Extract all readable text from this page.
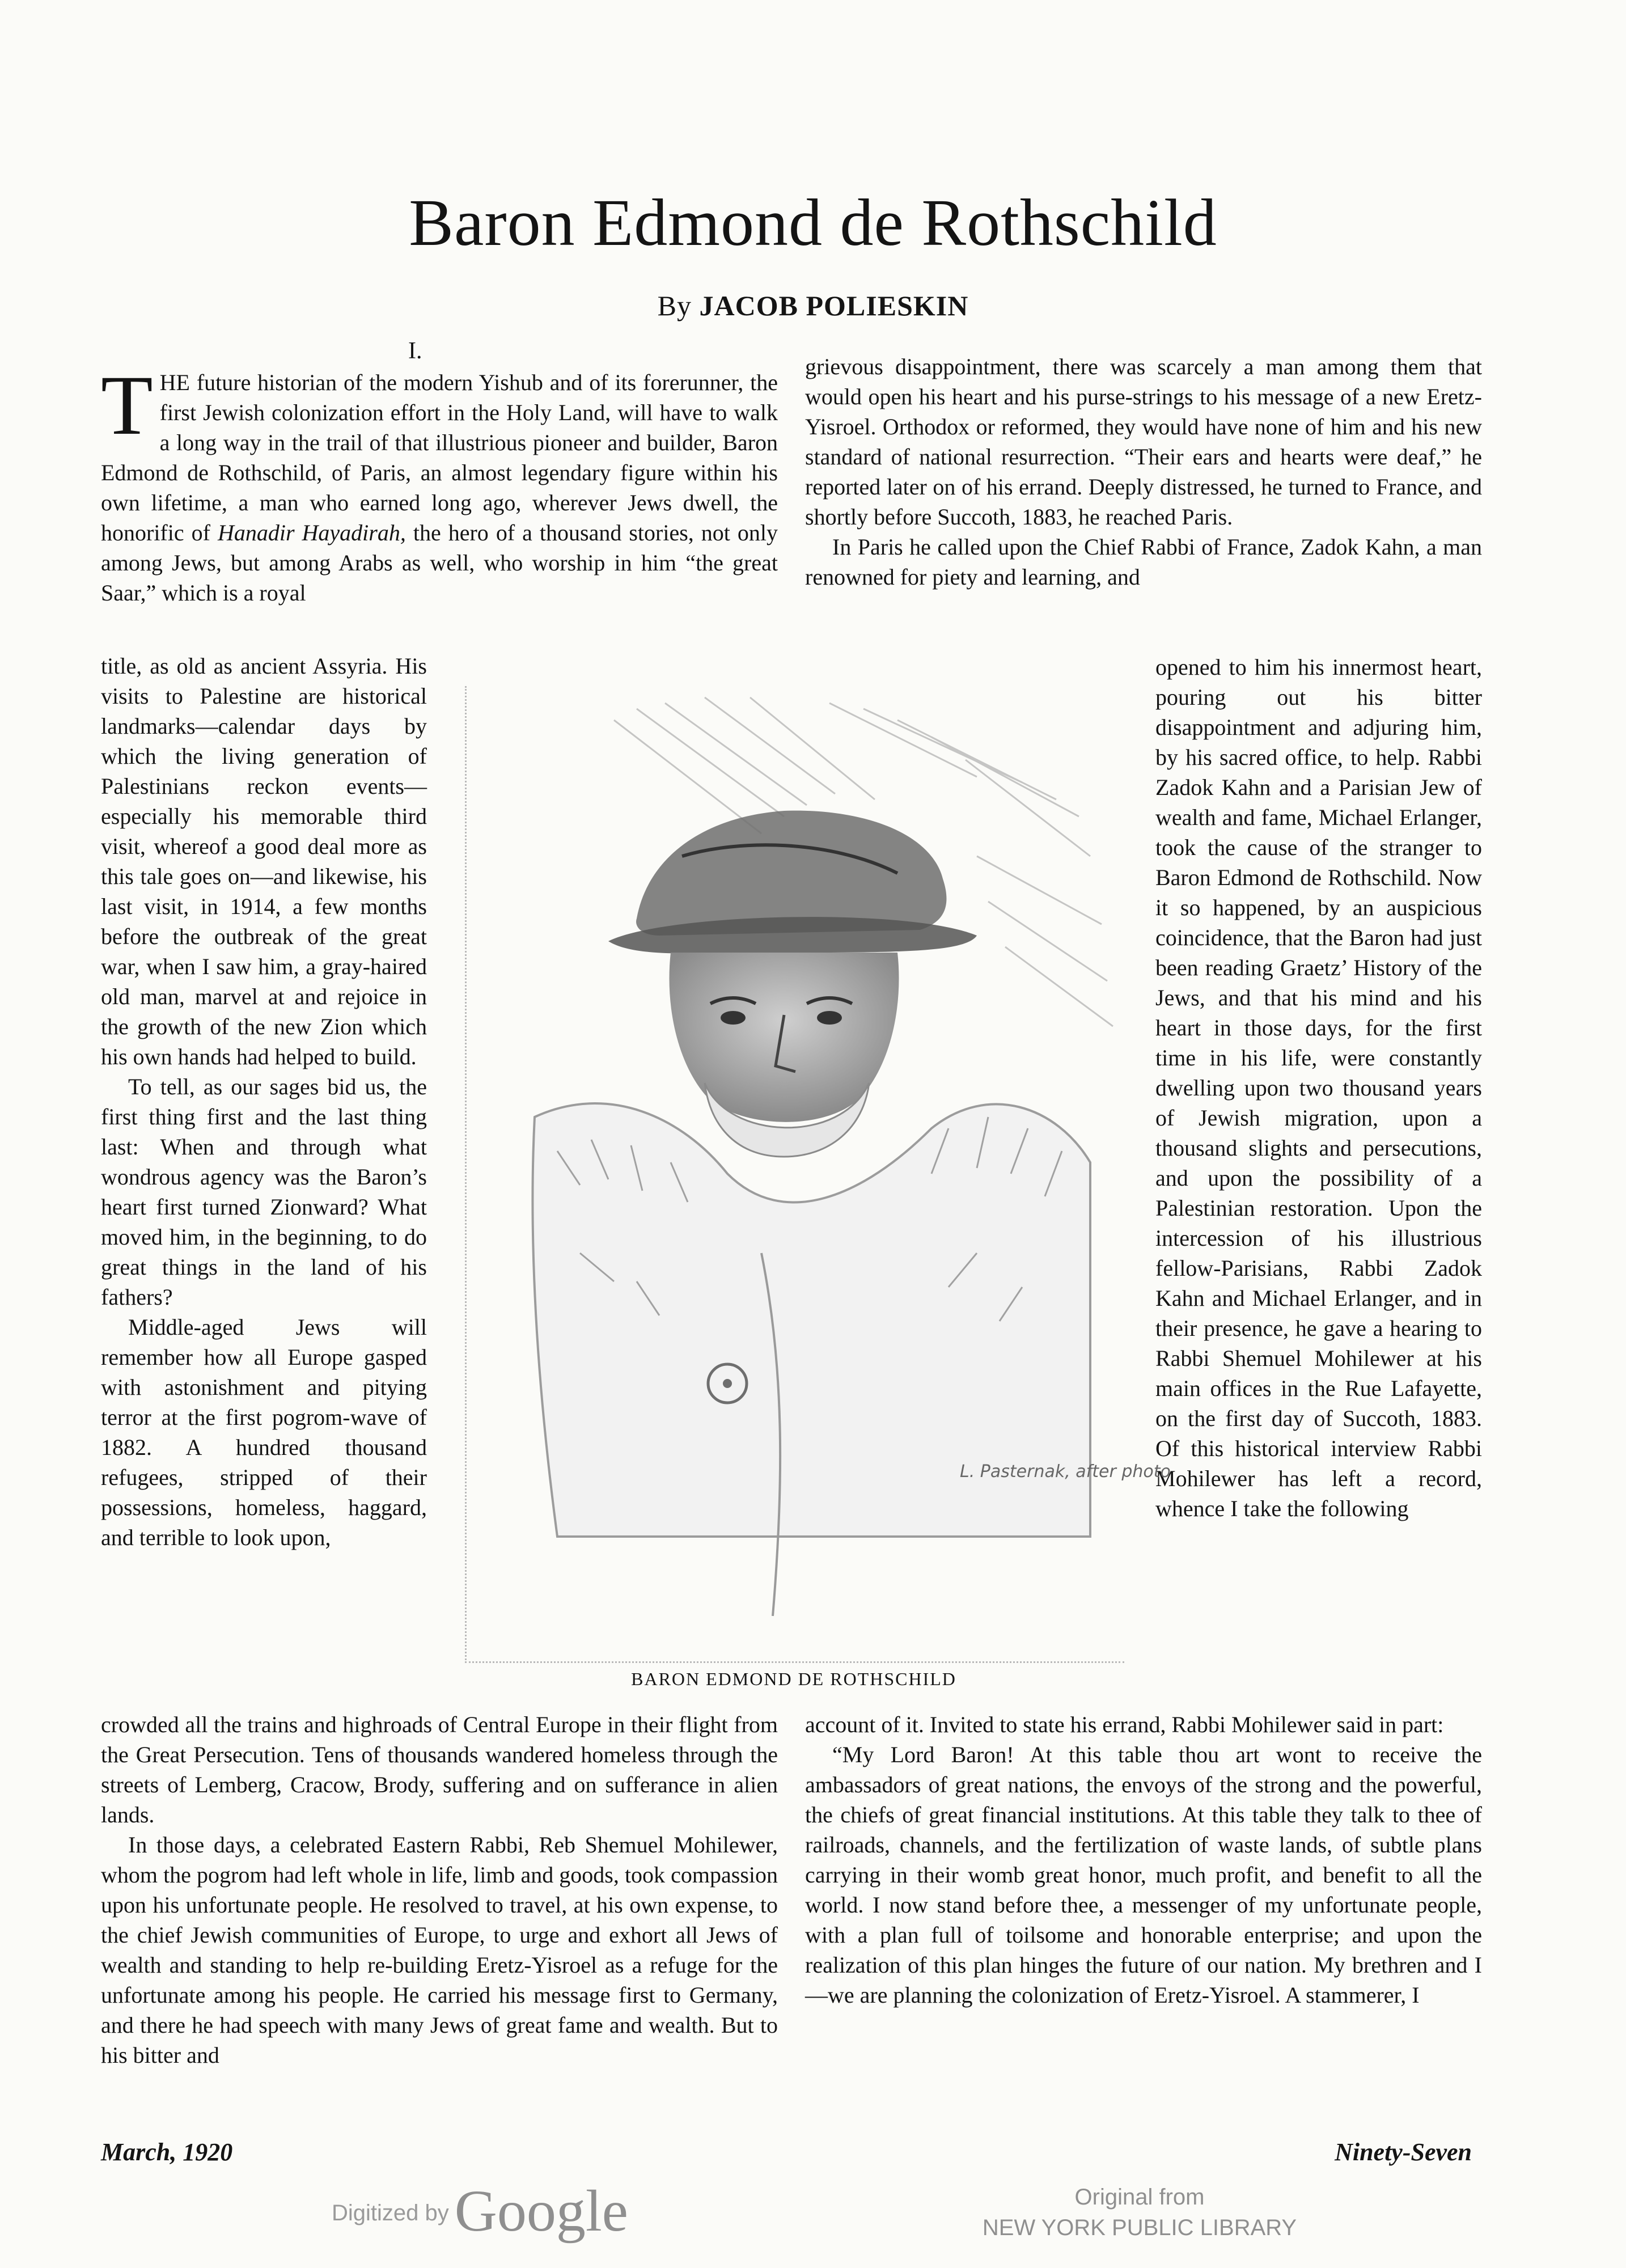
Baron Edmond de Rothschild
By JACOB POLIESKIN
I.

THE future historian of the modern Yishub and of its forerunner, the first Jewish colonization effort in the Holy Land, will have to walk a long way in the trail of that illustrious pioneer and builder, Baron Edmond de Rothschild, of Paris, an almost legendary figure within his own lifetime, a man who earned long ago, wherever Jews dwell, the honorific of Hanadir Hayadirah, the hero of a thousand stories, not only among Jews, but among Arabs as well, who worship in him “the great Saar,” which is a royal

title, as old as ancient Assyria. His visits to Palestine are historical landmarks—calendar days by which the living generation of Palestinians reckon events—especially his memorable third visit, whereof a good deal more as this tale goes on—and likewise, his last visit, in 1914, a few months before the outbreak of the great war, when I saw him, a gray-haired old man, marvel at and rejoice in the growth of the new Zion which his own hands had helped to build.

To tell, as our sages bid us, the first thing first and the last thing last: When and through what wondrous agency was the Baron’s heart first turned Zionward? What moved him, in the beginning, to do great things in the land of his fathers?

Middle-aged Jews will remember how all Europe gasped with astonishment and pitying terror at the first pogrom-wave of 1882. A hundred thousand refugees, stripped of their possessions, homeless, haggard, and terrible to look upon,

crowded all the trains and highroads of Central Europe in their flight from the Great Persecution. Tens of thousands wandered homeless through the streets of Lemberg, Cracow, Brody, suffering and on sufferance in alien lands.

In those days, a celebrated Eastern Rabbi, Reb Shemuel Mohilewer, whom the pogrom had left whole in life, limb and goods, took compassion upon his unfortunate people. He resolved to travel, at his own expense, to the chief Jewish communities of Europe, to urge and exhort all Jews of wealth and standing to help re-building Eretz-Yisroel as a refuge for the unfortunate among his people. He carried his message first to Germany, and there he had speech with many Jews of great fame and wealth. But to his bitter and

grievous disappointment, there was scarcely a man among them that would open his heart and his purse-strings to his message of a new Eretz-Yisroel. Orthodox or reformed, they would have none of him and his new standard of national resurrection. “Their ears and hearts were deaf,” he reported later on of his errand. Deeply distressed, he turned to France, and shortly before Succoth, 1883, he reached Paris.

In Paris he called upon the Chief Rabbi of France, Zadok Kahn, a man renowned for piety and learning, and

opened to him his innermost heart, pouring out his bitter disappointment and adjuring him, by his sacred office, to help. Rabbi Zadok Kahn and a Parisian Jew of wealth and fame, Michael Erlanger, took the cause of the stranger to Baron Edmond de Rothschild. Now it so happened, by an auspicious coincidence, that the Baron had just been reading Graetz’ History of the Jews, and that his mind and his heart in those days, for the first time in his life, were constantly dwelling upon two thousand years of Jewish migration, upon a thousand slights and persecutions, and upon the possibility of a Palestinian restoration. Upon the intercession of his illustrious fellow-Parisians, Rabbi Zadok Kahn and Michael Erlanger, and in their presence, he gave a hearing to Rabbi Shemuel Mohilewer at his main offices in the Rue Lafayette, on the first day of Succoth, 1883. Of this historical interview Rabbi Mohilewer has left a record, whence I take the following

account of it. Invited to state his errand, Rabbi Mohilewer said in part:

“My Lord Baron! At this table thou art wont to receive the ambassadors of great nations, the envoys of the strong and the powerful, the chiefs of great financial institutions. At this table they talk to thee of railroads, channels, and the fertilization of waste lands, of subtle plans carrying in their womb great honor, much profit, and benefit to all the world. I now stand before thee, a messenger of my unfortunate people, with a plan full of toilsome and honorable enterprise; and upon the realization of this plan hinges the future of our nation. My brethren and I—we are planning the colonization of Eretz-Yisroel. A stammerer, I

L. Pasternak, after photo
BARON EDMOND DE ROTHSCHILD
March, 1920	Ninety-Seven
Digitized byGoogle	Original from
NEW YORK PUBLIC LIBRARY
